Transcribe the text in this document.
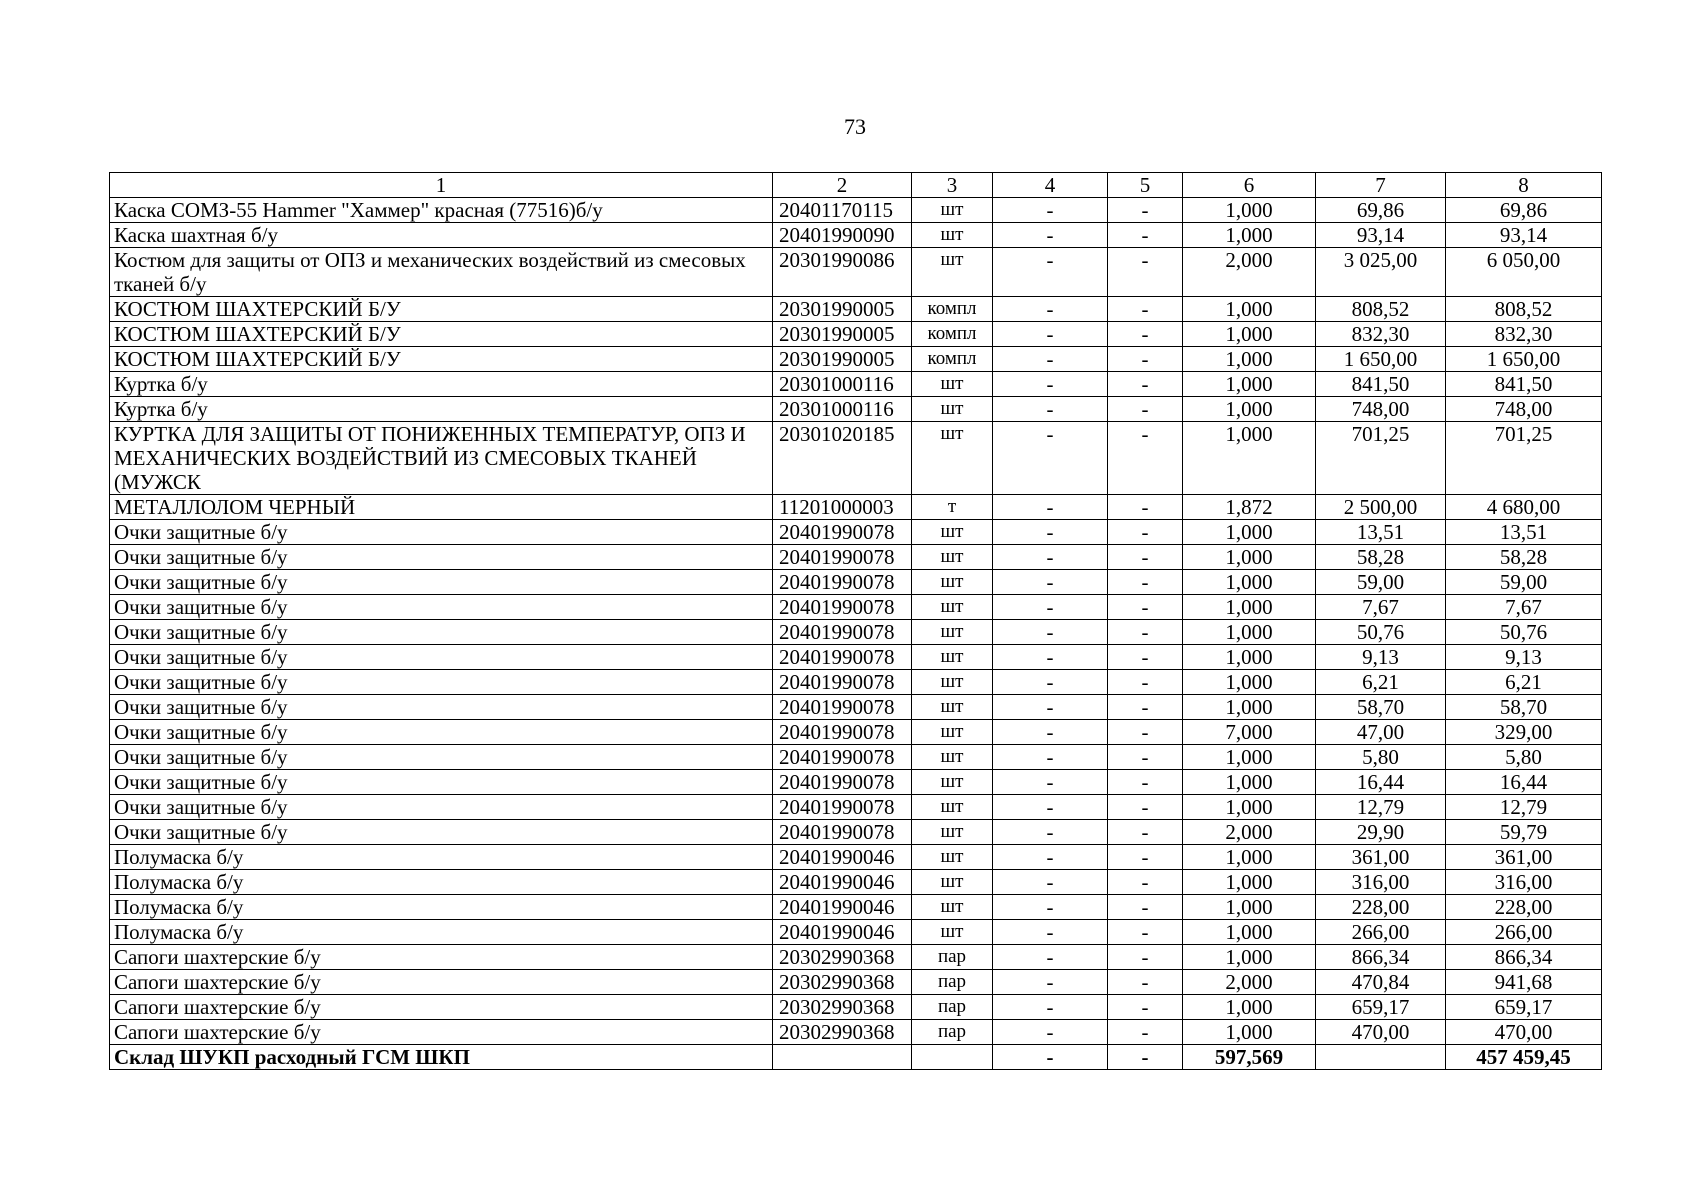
73
1	2	3	4	5	6	7	8
Каска СОМЗ-55 Hammer "Хаммер" красная (77516)б/у	20401170115	шт	-	-	1,000	69,86	69,86
Каска шахтная б/у	20401990090	шт	-	-	1,000	93,14	93,14
Костюм для защиты от ОПЗ и механических воздействий из смесовых тканей б/у	20301990086	шт	-	-	2,000	3 025,00	6 050,00
КОСТЮМ ШАХТЕРСКИЙ Б/У	20301990005	компл	-	-	1,000	808,52	808,52
КОСТЮМ ШАХТЕРСКИЙ Б/У	20301990005	компл	-	-	1,000	832,30	832,30
КОСТЮМ ШАХТЕРСКИЙ Б/У	20301990005	компл	-	-	1,000	1 650,00	1 650,00
Куртка б/у	20301000116	шт	-	-	1,000	841,50	841,50
Куртка б/у	20301000116	шт	-	-	1,000	748,00	748,00
КУРТКА ДЛЯ ЗАЩИТЫ ОТ ПОНИЖЕННЫХ ТЕМПЕРАТУР, ОПЗ И МЕХАНИЧЕСКИХ ВОЗДЕЙСТВИЙ ИЗ СМЕСОВЫХ ТКАНЕЙ (МУЖСК	20301020185	шт	-	-	1,000	701,25	701,25
МЕТАЛЛОЛОМ ЧЕРНЫЙ	11201000003	т	-	-	1,872	2 500,00	4 680,00
Очки защитные б/у	20401990078	шт	-	-	1,000	13,51	13,51
Очки защитные б/у	20401990078	шт	-	-	1,000	58,28	58,28
Очки защитные б/у	20401990078	шт	-	-	1,000	59,00	59,00
Очки защитные б/у	20401990078	шт	-	-	1,000	7,67	7,67
Очки защитные б/у	20401990078	шт	-	-	1,000	50,76	50,76
Очки защитные б/у	20401990078	шт	-	-	1,000	9,13	9,13
Очки защитные б/у	20401990078	шт	-	-	1,000	6,21	6,21
Очки защитные б/у	20401990078	шт	-	-	1,000	58,70	58,70
Очки защитные б/у	20401990078	шт	-	-	7,000	47,00	329,00
Очки защитные б/у	20401990078	шт	-	-	1,000	5,80	5,80
Очки защитные б/у	20401990078	шт	-	-	1,000	16,44	16,44
Очки защитные б/у	20401990078	шт	-	-	1,000	12,79	12,79
Очки защитные б/у	20401990078	шт	-	-	2,000	29,90	59,79
Полумаска б/у	20401990046	шт	-	-	1,000	361,00	361,00
Полумаска б/у	20401990046	шт	-	-	1,000	316,00	316,00
Полумаска б/у	20401990046	шт	-	-	1,000	228,00	228,00
Полумаска б/у	20401990046	шт	-	-	1,000	266,00	266,00
Сапоги шахтерские б/у	20302990368	пар	-	-	1,000	866,34	866,34
Сапоги шахтерские б/у	20302990368	пар	-	-	2,000	470,84	941,68
Сапоги шахтерские б/у	20302990368	пар	-	-	1,000	659,17	659,17
Сапоги шахтерские б/у	20302990368	пар	-	-	1,000	470,00	470,00
Склад ШУКП расходный ГСМ ШКП			-	-	597,569		457 459,45
